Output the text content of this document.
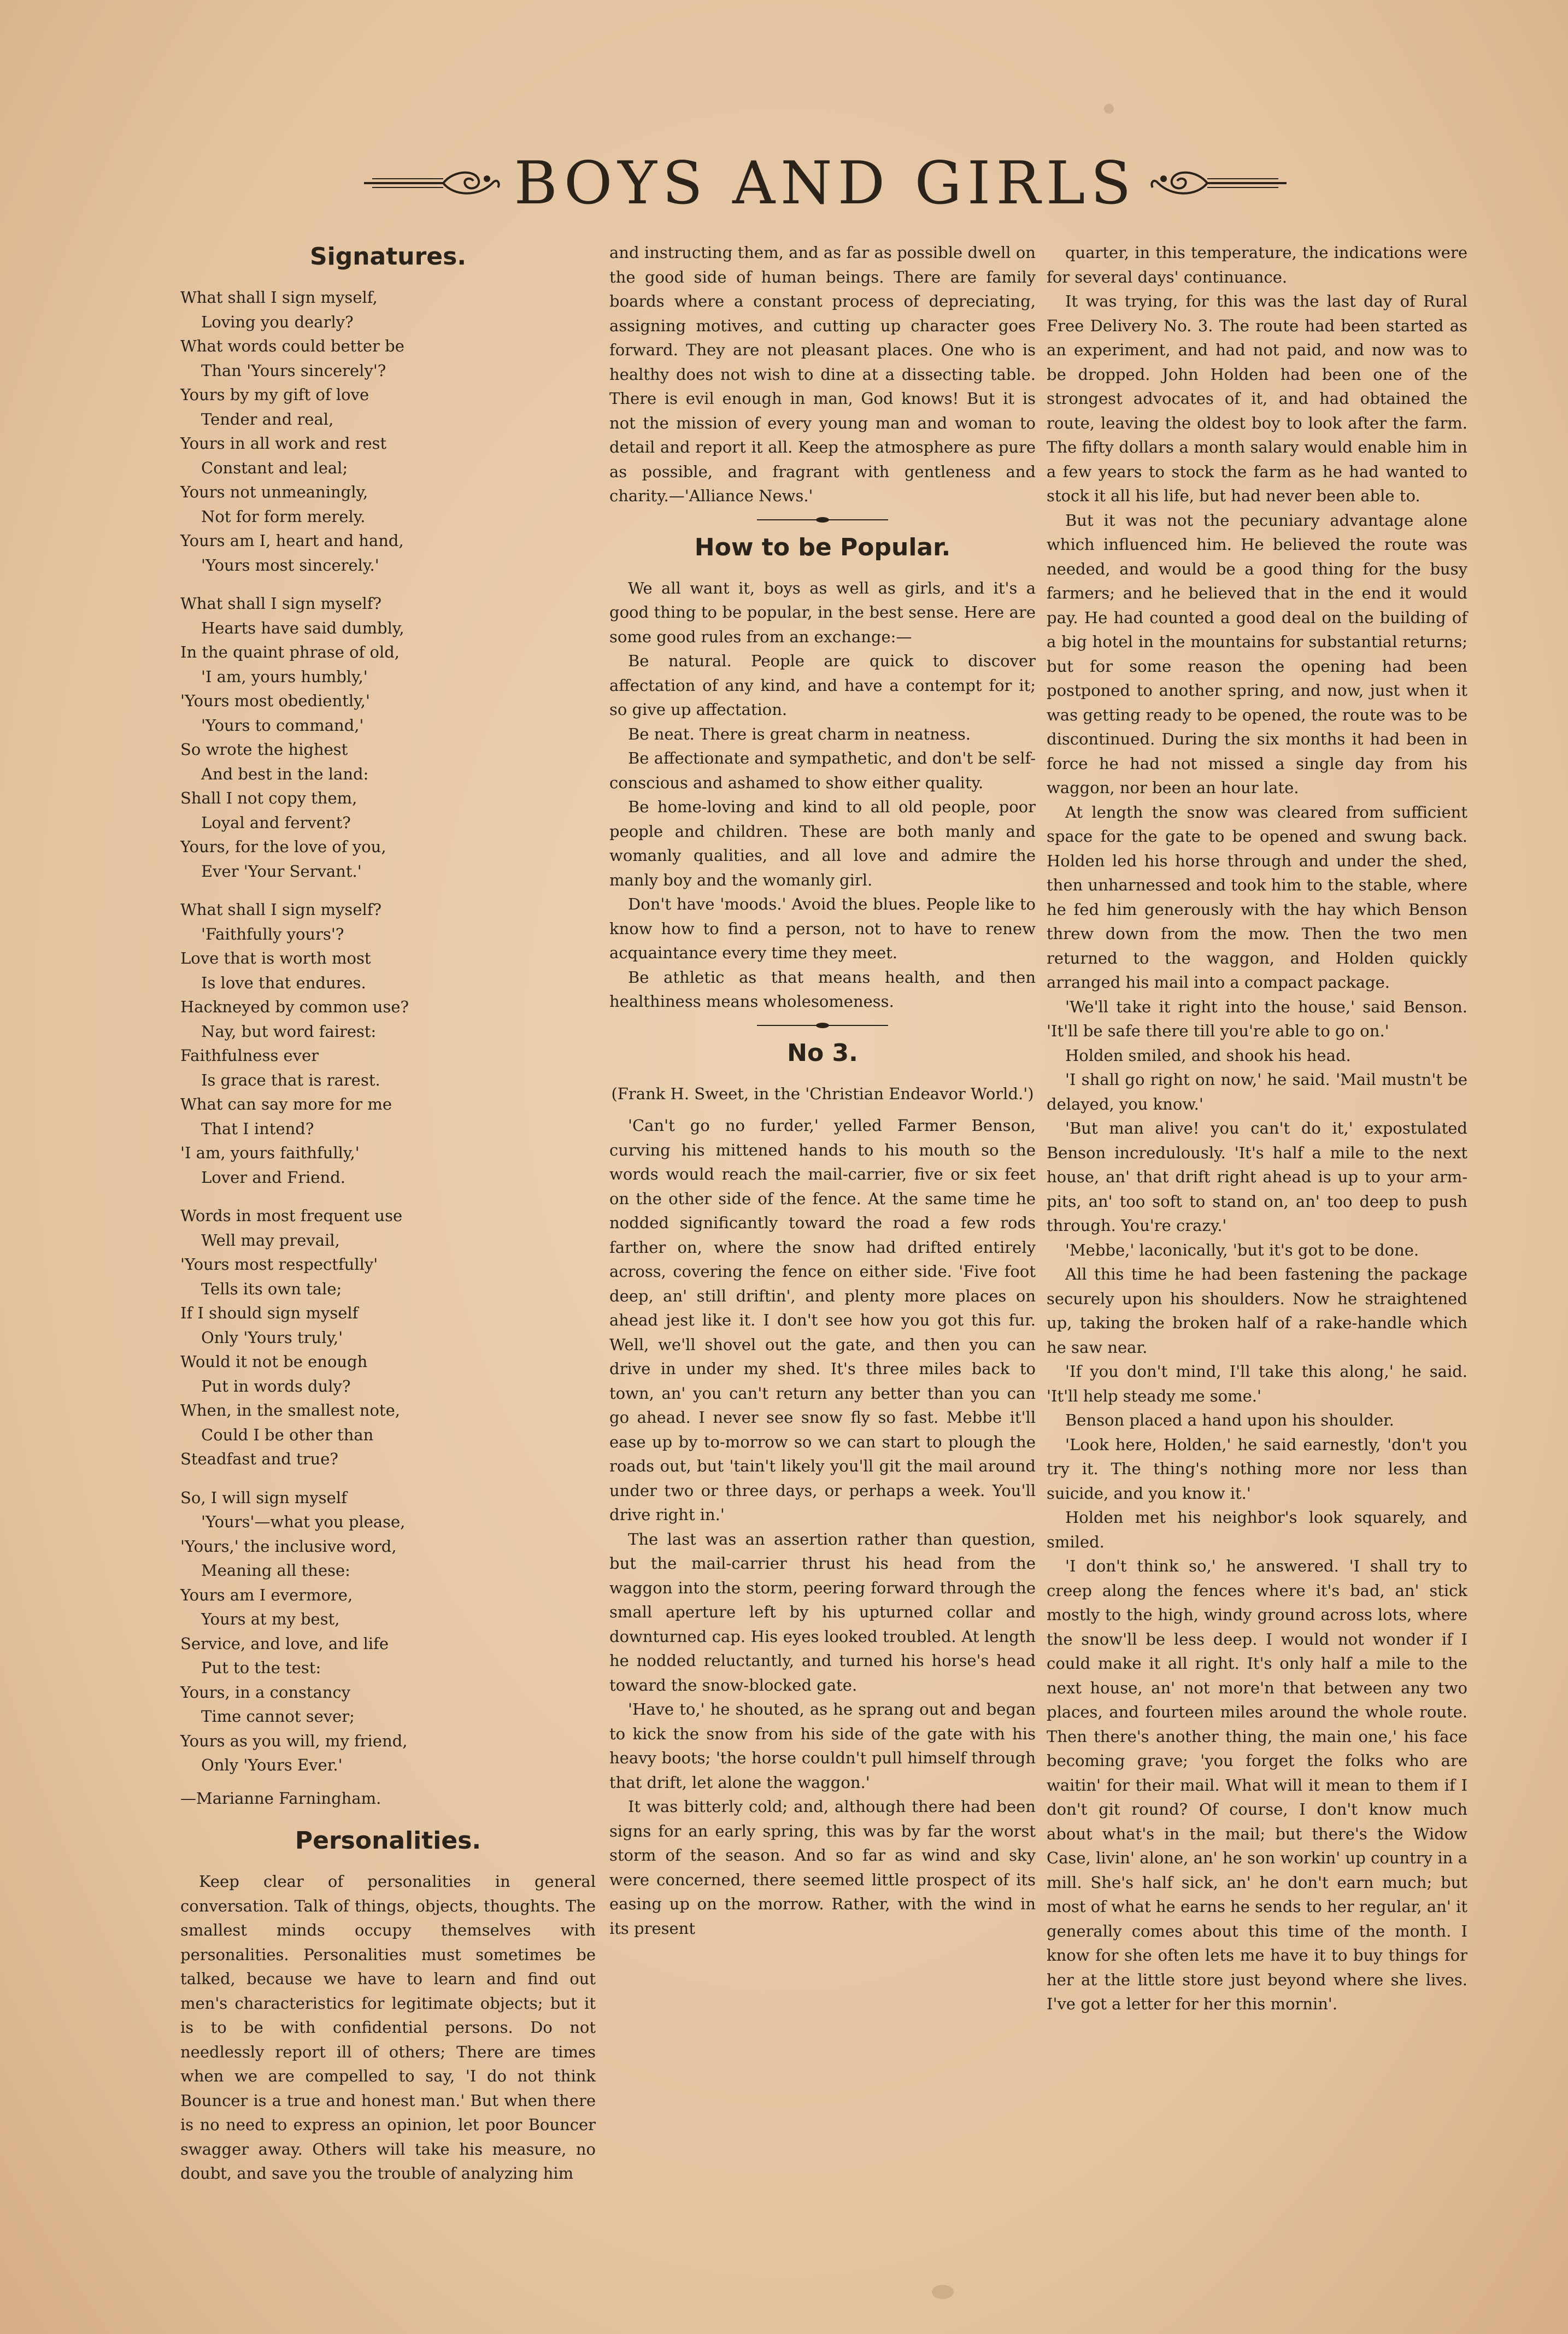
BOYS AND GIRLS
Signatures.
What shall I sign myself,
Loving you dearly?
What words could better be
Than 'Yours sincerely'?
Yours by my gift of love
Tender and real,
Yours in all work and rest
Constant and leal;
Yours not unmeaningly,
Not for form merely.
Yours am I, heart and hand,
'Yours most sincerely.'
What shall I sign myself?
Hearts have said dumbly,
In the quaint phrase of old,
'I am, yours humbly,'
'Yours most obediently,'
'Yours to command,'
So wrote the highest
And best in the land:
Shall I not copy them,
Loyal and fervent?
Yours, for the love of you,
Ever 'Your Servant.'
What shall I sign myself?
'Faithfully yours'?
Love that is worth most
Is love that endures.
Hackneyed by common use?
Nay, but word fairest:
Faithfulness ever
Is grace that is rarest.
What can say more for me
That I intend?
'I am, yours faithfully,'
Lover and Friend.
Words in most frequent use
Well may prevail,
'Yours most respectfully'
Tells its own tale;
If I should sign myself
Only 'Yours truly,'
Would it not be enough
Put in words duly?
When, in the smallest note,
Could I be other than
Steadfast and true?
So, I will sign myself
'Yours'—what you please,
'Yours,' the inclusive word,
Meaning all these:
Yours am I evermore,
Yours at my best,
Service, and love, and life
Put to the test:
Yours, in a constancy
Time cannot sever;
Yours as you will, my friend,
Only 'Yours Ever.'
—Marianne Farningham.
Personalities.

Keep clear of personalities in general conversation. Talk of things, objects, thoughts. The smallest minds occupy themselves with personalities. Personalities must sometimes be talked, because we have to learn and find out men's characteristics for legitimate objects; but it is to be with confidential persons. Do not needlessly report ill of others; There are times when we are compelled to say, 'I do not think Bouncer is a true and honest man.' But when there is no need to express an opinion, let poor Bouncer swagger away. Others will take his measure, no doubt, and save you the trouble of analyzing him

and instructing them, and as far as possible dwell on the good side of human beings. There are family boards where a constant process of depreciating, assigning motives, and cutting up character goes forward. They are not pleasant places. One who is healthy does not wish to dine at a dissecting table. There is evil enough in man, God knows! But it is not the mission of every young man and woman to detail and report it all. Keep the atmosphere as pure as possible, and fragrant with gentleness and charity.—'Alliance News.'

How to be Popular.

We all want it, boys as well as girls, and it's a good thing to be popular, in the best sense. Here are some good rules from an exchange:—

Be natural. People are quick to discover affectation of any kind, and have a contempt for it; so give up affectation.

Be neat. There is great charm in neatness.

Be affectionate and sympathetic, and don't be self-conscious and ashamed to show either quality.

Be home-loving and kind to all old people, poor people and children. These are both manly and womanly qualities, and all love and admire the manly boy and the womanly girl.

Don't have 'moods.' Avoid the blues. People like to know how to find a person, not to have to renew acquaintance every time they meet.

Be athletic as that means health, and then healthiness means wholesomeness.

No 3.

(Frank H. Sweet, in the 'Christian Endeavor World.')

'Can't go no furder,' yelled Farmer Benson, curving his mittened hands to his mouth so the words would reach the mail-carrier, five or six feet on the other side of the fence. At the same time he nodded significantly toward the road a few rods farther on, where the snow had drifted entirely across, covering the fence on either side. 'Five foot deep, an' still driftin', and plenty more places on ahead jest like it. I don't see how you got this fur. Well, we'll shovel out the gate, and then you can drive in under my shed. It's three miles back to town, an' you can't return any better than you can go ahead. I never see snow fly so fast. Mebbe it'll ease up by to-morrow so we can start to plough the roads out, but 'tain't likely you'll git the mail around under two or three days, or perhaps a week. You'll drive right in.'

The last was an assertion rather than question, but the mail-carrier thrust his head from the waggon into the storm, peering forward through the small aperture left by his upturned collar and downturned cap. His eyes looked troubled. At length he nodded reluctantly, and turned his horse's head toward the snow-blocked gate.

'Have to,' he shouted, as he sprang out and began to kick the snow from his side of the gate with his heavy boots; 'the horse couldn't pull himself through that drift, let alone the waggon.'

It was bitterly cold; and, although there had been signs for an early spring, this was by far the worst storm of the season. And so far as wind and sky were concerned, there seemed little prospect of its easing up on the morrow. Rather, with the wind in its present

quarter, in this temperature, the indications were for several days' continuance.

It was trying, for this was the last day of Rural Free Delivery No. 3. The route had been started as an experiment, and had not paid, and now was to be dropped. John Holden had been one of the strongest advocates of it, and had obtained the route, leaving the oldest boy to look after the farm. The fifty dollars a month salary would enable him in a few years to stock the farm as he had wanted to stock it all his life, but had never been able to.

But it was not the pecuniary advantage alone which influenced him. He believed the route was needed, and would be a good thing for the busy farmers; and he believed that in the end it would pay. He had counted a good deal on the building of a big hotel in the mountains for substantial returns; but for some reason the opening had been postponed to another spring, and now, just when it was getting ready to be opened, the route was to be discontinued. During the six months it had been in force he had not missed a single day from his waggon, nor been an hour late.

At length the snow was cleared from sufficient space for the gate to be opened and swung back. Holden led his horse through and under the shed, then unharnessed and took him to the stable, where he fed him generously with the hay which Benson threw down from the mow. Then the two men returned to the waggon, and Holden quickly arranged his mail into a compact package.

'We'll take it right into the house,' said Benson. 'It'll be safe there till you're able to go on.'

Holden smiled, and shook his head.

'I shall go right on now,' he said. 'Mail mustn't be delayed, you know.'

'But man alive! you can't do it,' expostulated Benson incredulously. 'It's half a mile to the next house, an' that drift right ahead is up to your arm-pits, an' too soft to stand on, an' too deep to push through. You're crazy.'

'Mebbe,' laconically, 'but it's got to be done.

All this time he had been fastening the package securely upon his shoulders. Now he straightened up, taking the broken half of a rake-handle which he saw near.

'If you don't mind, I'll take this along,' he said. 'It'll help steady me some.'

Benson placed a hand upon his shoulder.

'Look here, Holden,' he said earnestly, 'don't you try it. The thing's nothing more nor less than suicide, and you know it.'

Holden met his neighbor's look squarely, and smiled.

'I don't think so,' he answered. 'I shall try to creep along the fences where it's bad, an' stick mostly to the high, windy ground across lots, where the snow'll be less deep. I would not wonder if I could make it all right. It's only half a mile to the next house, an' not more'n that between any two places, and fourteen miles around the whole route. Then there's another thing, the main one,' his face becoming grave; 'you forget the folks who are waitin' for their mail. What will it mean to them if I don't git round? Of course, I don't know much about what's in the mail; but there's the Widow Case, livin' alone, an' he son workin' up country in a mill. She's half sick, an' he don't earn much; but most of what he earns he sends to her regular, an' it generally comes about this time of the month. I know for she often lets me have it to buy things for her at the little store just beyond where she lives. I've got a letter for her this mornin'.
